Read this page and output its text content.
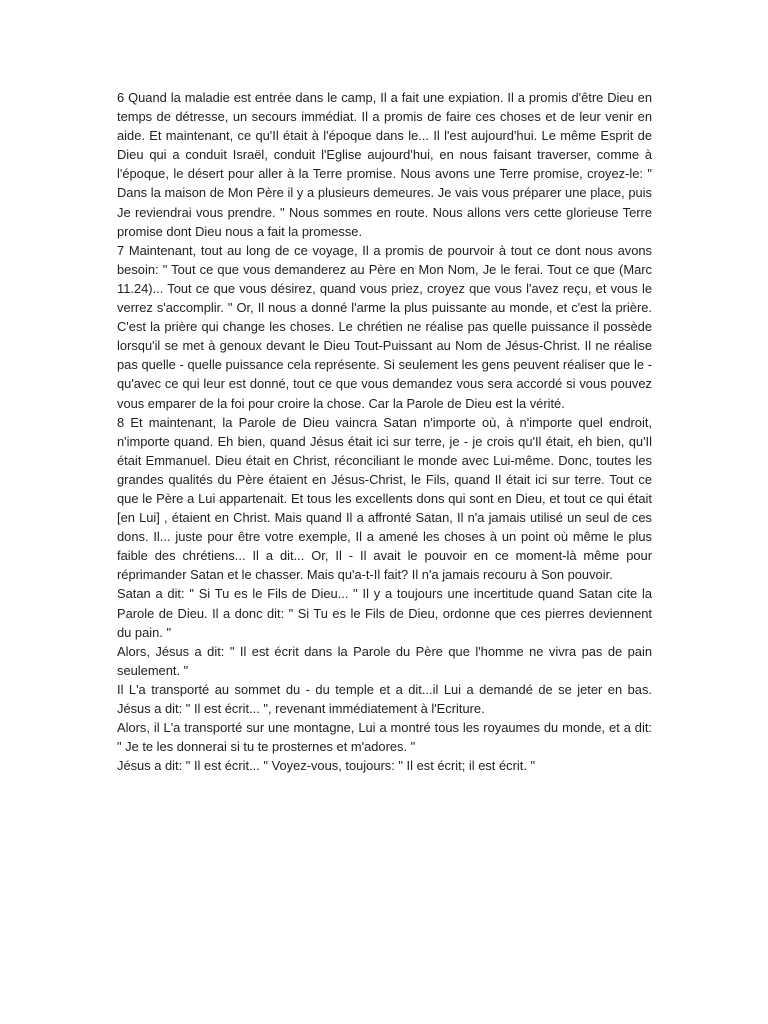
6 Quand la maladie est entrée dans le camp, Il a fait une expiation. Il a promis d'être Dieu en temps de détresse, un secours immédiat. Il a promis de faire ces choses et de leur venir en aide. Et maintenant, ce qu'Il était à l'époque dans le... Il l'est aujourd'hui. Le même Esprit de Dieu qui a conduit Israël, conduit l'Eglise aujourd'hui, en nous faisant traverser, comme à l'époque, le désert pour aller à la Terre promise. Nous avons une Terre promise, croyez-le: " Dans la maison de Mon Père il y a plusieurs demeures. Je vais vous préparer une place, puis Je reviendrai vous prendre. " Nous sommes en route. Nous allons vers cette glorieuse Terre promise dont Dieu nous a fait la promesse.

7 Maintenant, tout au long de ce voyage, Il a promis de pourvoir à tout ce dont nous avons besoin: " Tout ce que vous demanderez au Père en Mon Nom, Je le ferai. Tout ce que (Marc 11.24)... Tout ce que vous désirez, quand vous priez, croyez que vous l'avez reçu, et vous le verrez s'accomplir. " Or, Il nous a donné l'arme la plus puissante au monde, et c'est la prière. C'est la prière qui change les choses. Le chrétien ne réalise pas quelle puissance il possède lorsqu'il se met à genoux devant le Dieu Tout-Puissant au Nom de Jésus-Christ. Il ne réalise pas quelle - quelle puissance cela représente. Si seulement les gens peuvent réaliser que le - qu'avec ce qui leur est donné, tout ce que vous demandez vous sera accordé si vous pouvez vous emparer de la foi pour croire la chose. Car la Parole de Dieu est la vérité.

8 Et maintenant, la Parole de Dieu vaincra Satan n'importe où, à n'importe quel endroit, n'importe quand. Eh bien, quand Jésus était ici sur terre, je - je crois qu'Il était, eh bien, qu'Il était Emmanuel. Dieu était en Christ, réconciliant le monde avec Lui-même. Donc, toutes les grandes qualités du Père étaient en Jésus-Christ, le Fils, quand Il était ici sur terre. Tout ce que le Père a Lui appartenait. Et tous les excellents dons qui sont en Dieu, et tout ce qui était [en Lui] , étaient en Christ. Mais quand Il a affronté Satan, Il n'a jamais utilisé un seul de ces dons. Il... juste pour être votre exemple, Il a amené les choses à un point où même le plus faible des chrétiens... Il a dit... Or, Il - Il avait le pouvoir en ce moment-là même pour réprimander Satan et le chasser. Mais qu'a-t-Il fait? Il n'a jamais recouru à Son pouvoir.

Satan a dit: " Si Tu es le Fils de Dieu... " Il y a toujours une incertitude quand Satan cite la Parole de Dieu. Il a donc dit: " Si Tu es le Fils de Dieu, ordonne que ces pierres deviennent du pain. "

Alors, Jésus a dit: " Il est écrit dans la Parole du Père que l'homme ne vivra pas de pain seulement. "

Il L'a transporté au sommet du - du temple et a dit...il Lui a demandé de se jeter en bas. Jésus a dit: " Il est écrit... ", revenant immédiatement à l'Ecriture.

Alors, il L'a transporté sur une montagne, Lui a montré tous les royaumes du monde, et a dit: " Je te les donnerai si tu te prosternes et m'adores. "

Jésus a dit: " Il est écrit... " Voyez-vous, toujours: " Il est écrit; il est écrit. "
